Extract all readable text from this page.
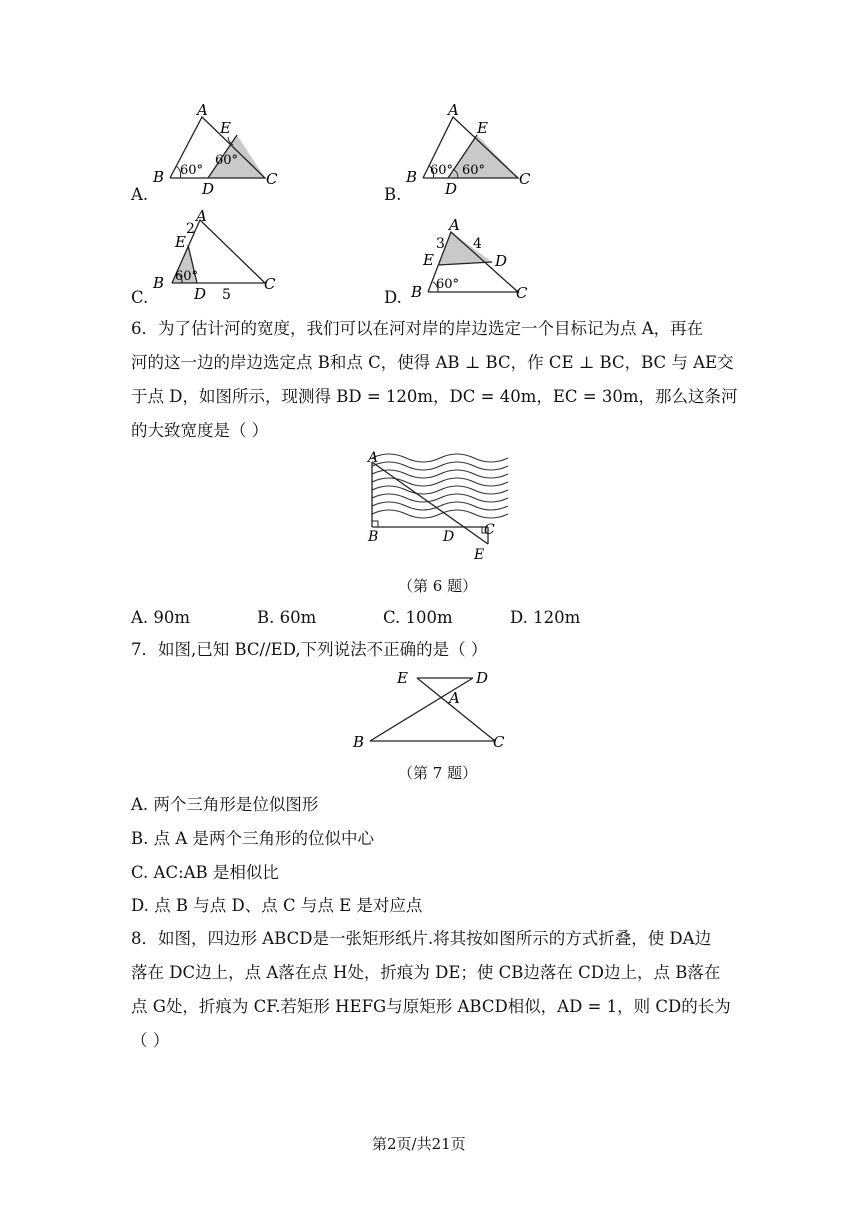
A
B	C
D
E
60°
60°
A.
A
B	C
D
E
60° 60°
B.
A
B	C
D
E
2
5
60°
C.
A
B	C
D
E
3 4
60°
D.
6．为了估计河的宽度，我们可以在河对岸的岸边选定一个目标记为点 A，再在
河的这一边的岸边选定点 B和点 C，使得 AB ⊥ BC，作 CE ⊥ BC，BC 与 AE交
于点 D，如图所示，现测得 BD = 120m，DC = 40m，EC = 30m，那么这条河
的大致宽度是（ ）
A
B	C
D
E
（第 6 题）
A. 90m	B. 60m	C. 100m	D. 120m
7．如图,已知 BC//ED,下列说法不正确的是（ ）
E	D
A
B	C
（第 7 题）
A. 两个三角形是位似图形
B. 点 A 是两个三角形的位似中心
C. AC:AB 是相似比
D. 点 B 与点 D、点 C 与点 E 是对应点
8．如图，四边形 ABCD是一张矩形纸片.将其按如图所示的方式折叠，使 DA边
落在 DC边上，点 A落在点 H处，折痕为 DE；使 CB边落在 CD边上，点 B落在
点 G处，折痕为 CF.若矩形 HEFG与原矩形 ABCD相似，AD = 1，则 CD的长为
（ ）
第2页/共21页
